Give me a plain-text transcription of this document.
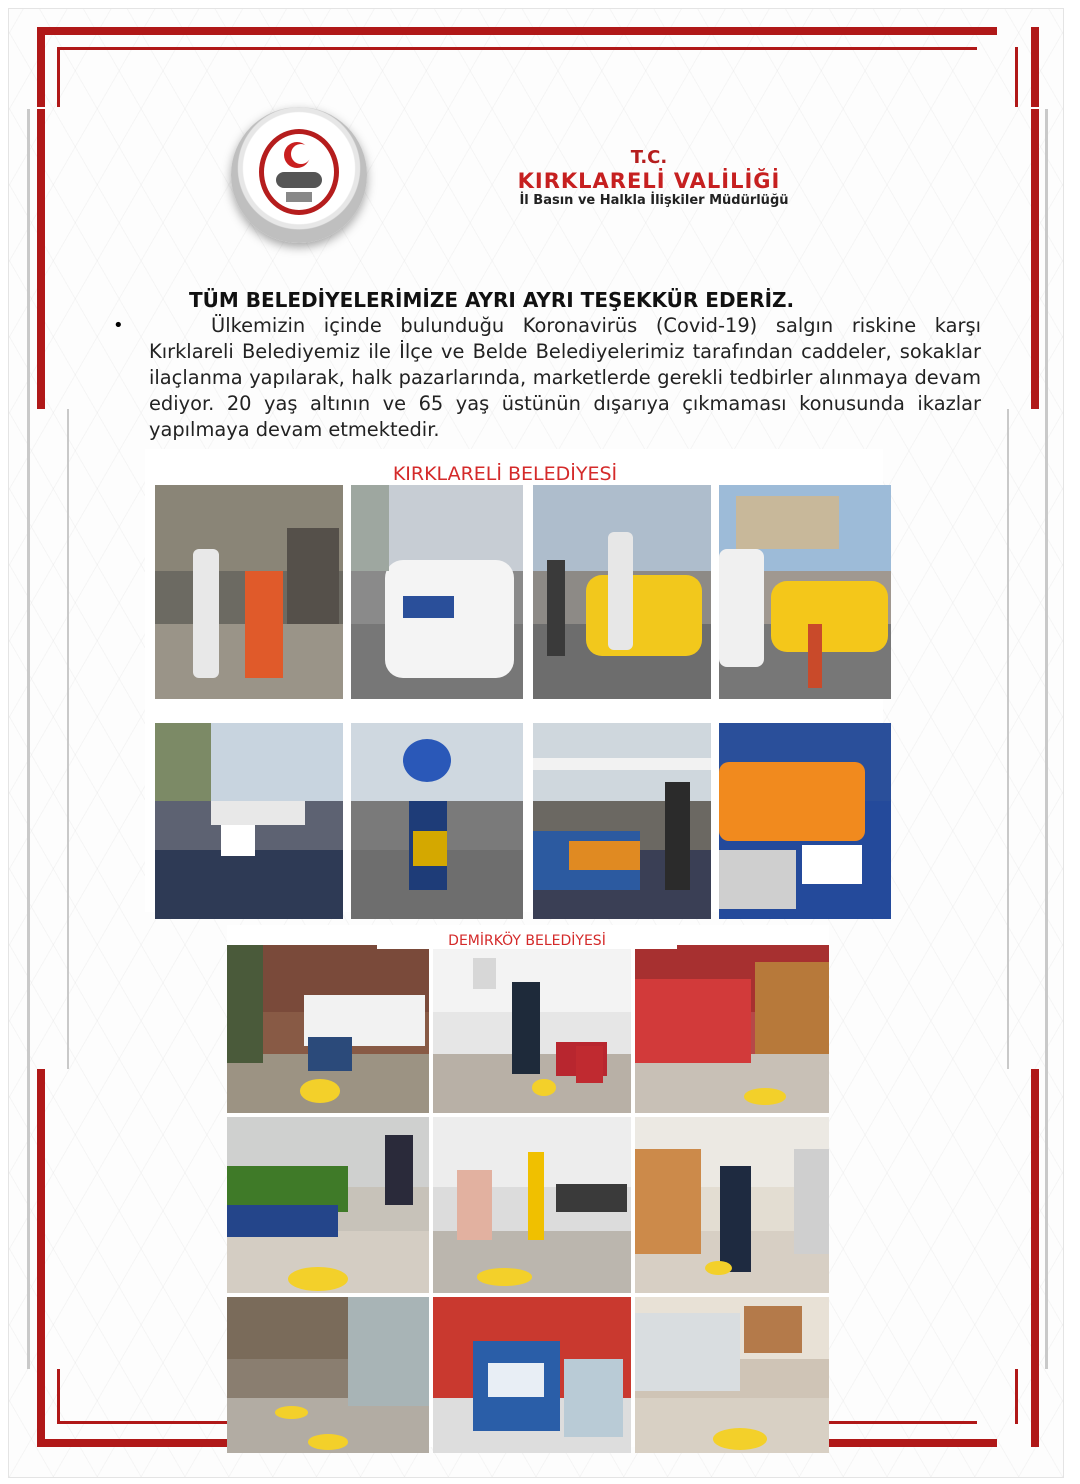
T.C.
KIRKLARELİ VALİLİĞİ
İl Basın ve Halkla İlişkiler Müdürlüğü
TÜM BELEDİYELERİMİZE AYRI AYRI TEŞEKKÜR EDERİZ.
•	Ülkemizin içinde bulunduğu Koronavirüs (Covid-19) salgın riskine karşı Kırklareli Belediyemiz ile İlçe ve Belde Belediyelerimiz tarafından caddeler, sokaklar ilaçlanma yapılarak, halk pazarlarında, marketlerde gerekli tedbirler alınmaya devam ediyor. 20 yaş altının ve 65 yaş üstünün dışarıya çıkmaması konusunda ikazlar yapılmaya devam etmektedir.
KIRKLARELİ BELEDİYESİ
DEMİRKÖY BELEDİYESİ
